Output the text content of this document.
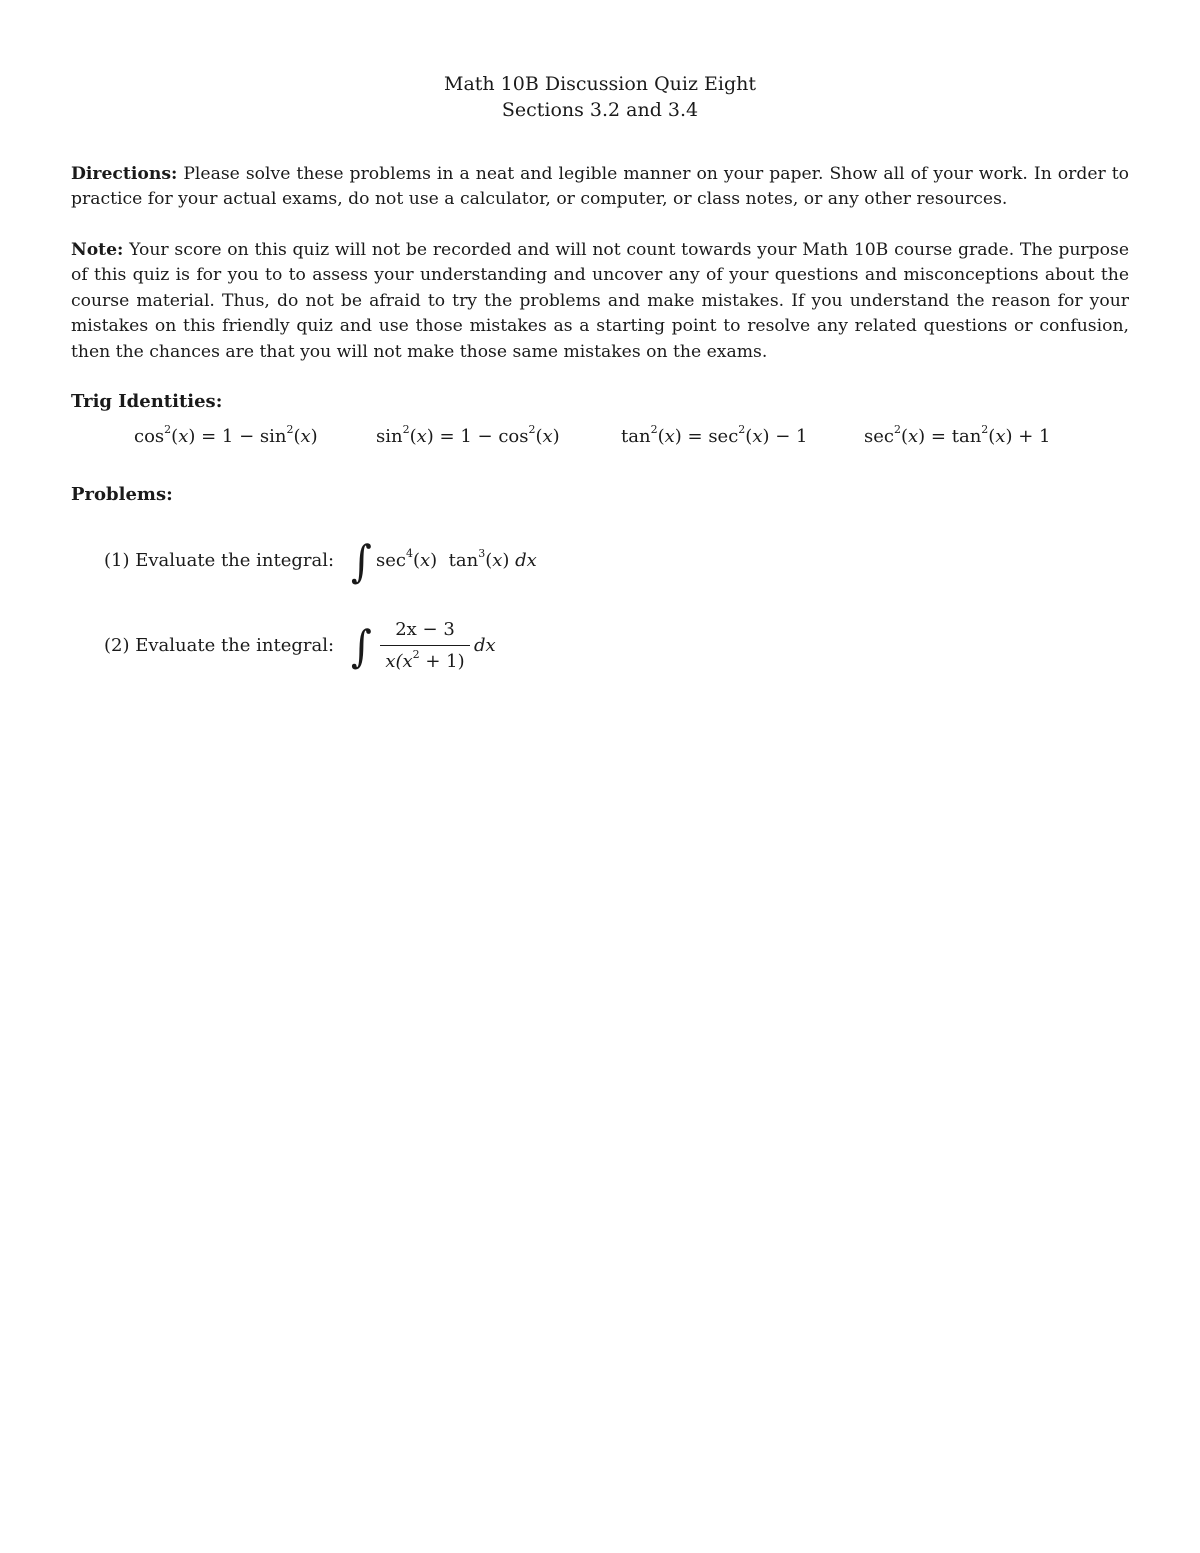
Math 10B Discussion Quiz Eight
Sections 3.2 and 3.4
Directions: Please solve these problems in a neat and legible manner on your paper. Show all of your work. In order to practice for your actual exams, do not use a calculator, or computer, or class notes, or any other resources.
Note: Your score on this quiz will not be recorded and will not count towards your Math 10B course grade. The purpose of this quiz is for you to to assess your understanding and uncover any of your questions and misconceptions about the course material. Thus, do not be afraid to try the problems and make mistakes. If you understand the reason for your mistakes on this friendly quiz and use those mistakes as a starting point to resolve any related questions or confusion, then the chances are that you will not make those same mistakes on the exams.
Trig Identities:
$\cos^2(x) = 1 - \sin^2(x)$	$\sin^2(x) = 1 - \cos^2(x)$	$\tan^2(x) = \sec^2(x) - 1$	$\sec^2(x) = \tan^2(x) + 1$
Problems:
(1) Evaluate the integral: ∫ $\sec^4(x)$  $\tan^3(x)$ dx
(2) Evaluate the integral: ∫	2x − 3
$x(x^2 + 1)$
dx
